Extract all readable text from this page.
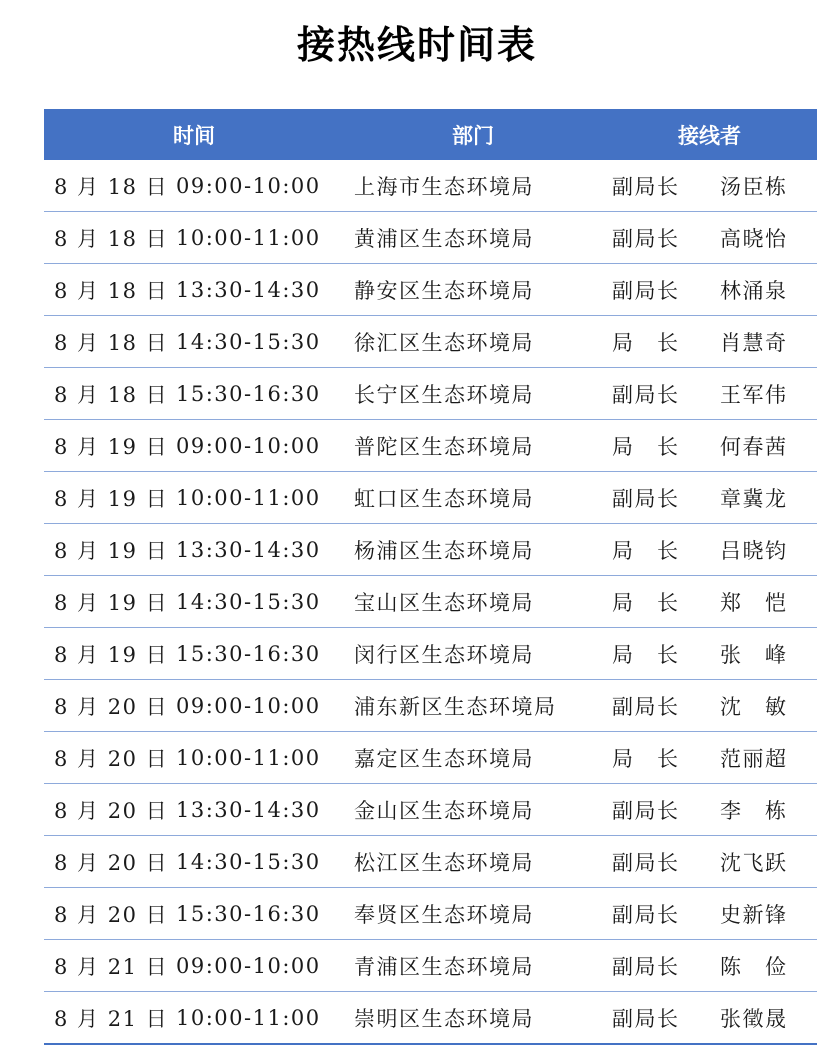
接热线时间表
时间	部门	接线者
8 月 18 日 09:00-10:00	上海市生态环境局	副局长	汤臣栋
8 月 18 日 10:00-11:00	黄浦区生态环境局	副局长	高晓怡
8 月 18 日 13:30-14:30	静安区生态环境局	副局长	林涌泉
8 月 18 日 14:30-15:30	徐汇区生态环境局	局　长	肖慧奇
8 月 18 日 15:30-16:30	长宁区生态环境局	副局长	王军伟
8 月 19 日 09:00-10:00	普陀区生态环境局	局　长	何春茜
8 月 19 日 10:00-11:00	虹口区生态环境局	副局长	章冀龙
8 月 19 日 13:30-14:30	杨浦区生态环境局	局　长	吕晓钧
8 月 19 日 14:30-15:30	宝山区生态环境局	局　长	郑　恺
8 月 19 日 15:30-16:30	闵行区生态环境局	局　长	张　峰
8 月 20 日 09:00-10:00	浦东新区生态环境局	副局长	沈　敏
8 月 20 日 10:00-11:00	嘉定区生态环境局	局　长	范丽超
8 月 20 日 13:30-14:30	金山区生态环境局	副局长	李　栋
8 月 20 日 14:30-15:30	松江区生态环境局	副局长	沈飞跃
8 月 20 日 15:30-16:30	奉贤区生态环境局	副局长	史新锋
8 月 21 日 09:00-10:00	青浦区生态环境局	副局长	陈　俭
8 月 21 日 10:00-11:00	崇明区生态环境局	副局长	张徵晟
